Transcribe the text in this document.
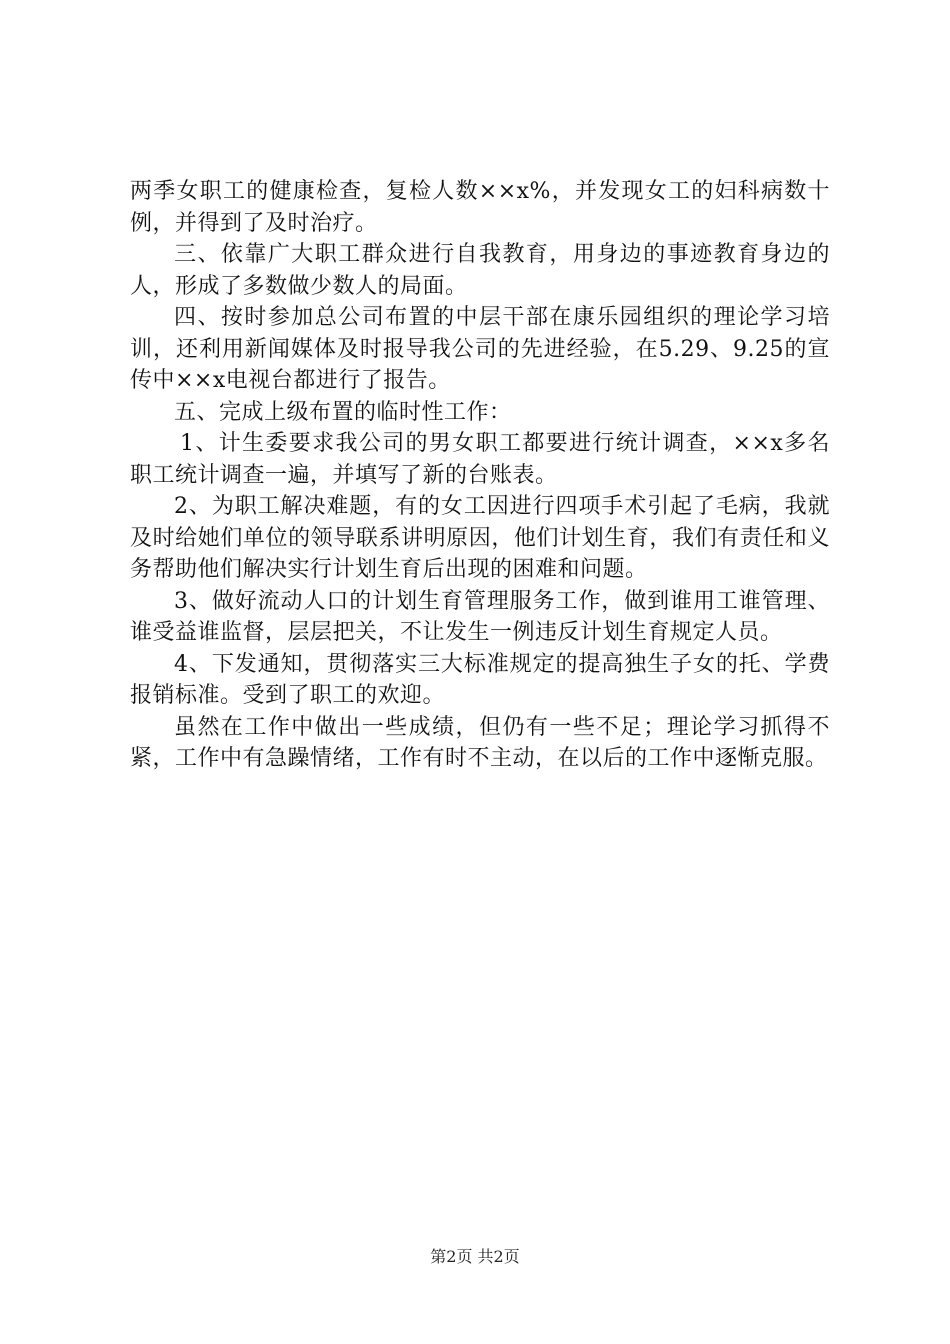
两季女职工的健康检查，复检人数××x%，并发现女工的妇科病数十例，并得到了及时治疗。

三、依靠广大职工群众进行自我教育，用身边的事迹教育身边的人，形成了多数做少数人的局面。

四、按时参加总公司布置的中层干部在康乐园组织的理论学习培训，还利用新闻媒体及时报导我公司的先进经验，在5.29、9.25的宣传中××x电视台都进行了报告。

五、完成上级布置的临时性工作：

1、计生委要求我公司的男女职工都要进行统计调查，××x多名职工统计调查一遍，并填写了新的台账表。

2、为职工解决难题，有的女工因进行四项手术引起了毛病，我就及时给她们单位的领导联系讲明原因，他们计划生育，我们有责任和义务帮助他们解决实行计划生育后出现的困难和问题。

3、做好流动人口的计划生育管理服务工作，做到谁用工谁管理、谁受益谁监督，层层把关，不让发生一例违反计划生育规定人员。

4、下发通知，贯彻落实三大标准规定的提高独生子女的托、学费报销标准。受到了职工的欢迎。

虽然在工作中做出一些成绩，但仍有一些不足；理论学习抓得不紧，工作中有急躁情绪，工作有时不主动，在以后的工作中逐惭克服。

第2页 共2页
